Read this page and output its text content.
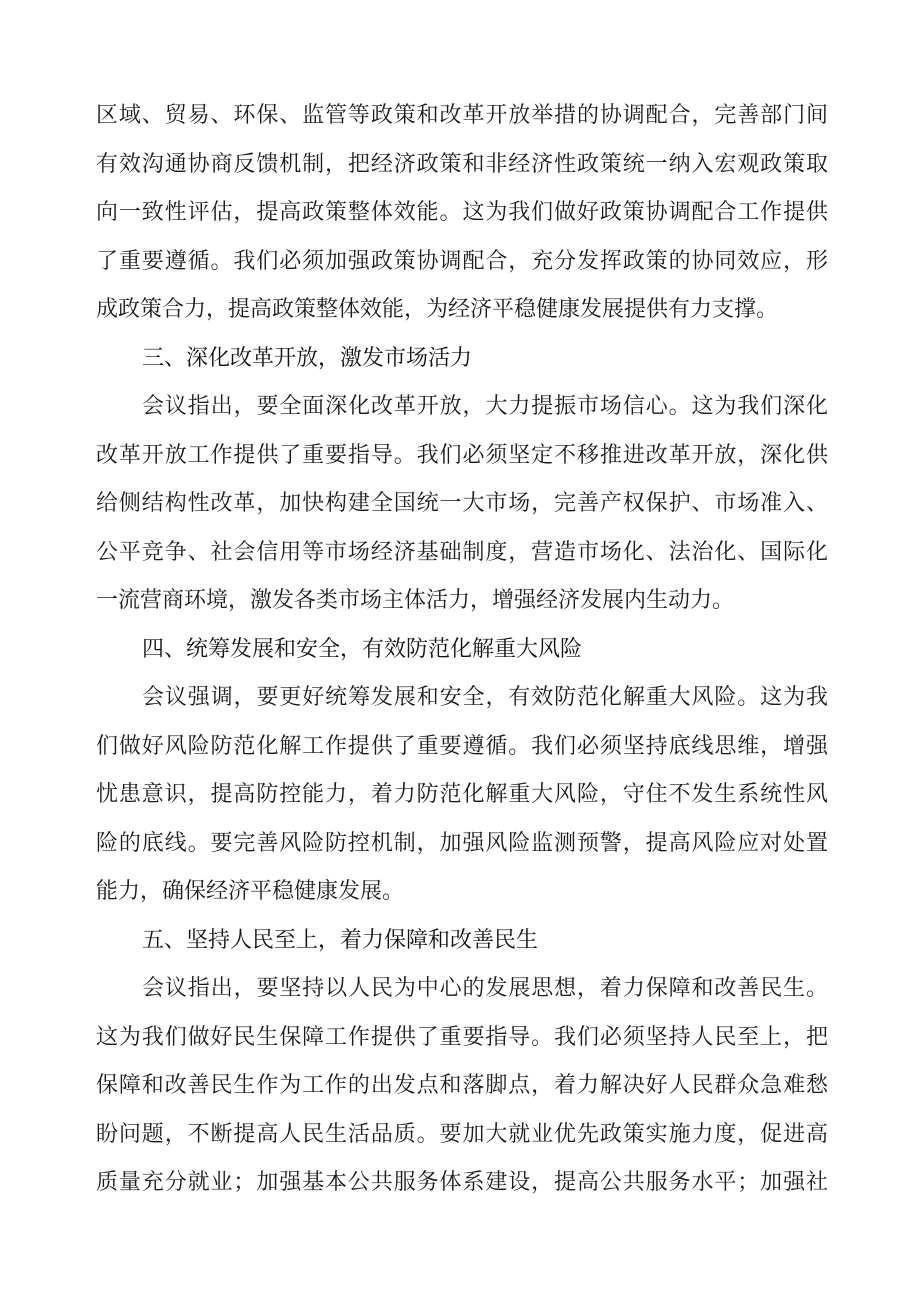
区域、贸易、环保、监管等政策和改革开放举措的协调配合，完善部门间
有效沟通协商反馈机制，把经济政策和非经济性政策统一纳入宏观政策取
向一致性评估，提高政策整体效能。这为我们做好政策协调配合工作提供
了重要遵循。我们必须加强政策协调配合，充分发挥政策的协同效应，形
成政策合力，提高政策整体效能，为经济平稳健康发展提供有力支撑。
三、深化改革开放，激发市场活力
会议指出，要全面深化改革开放，大力提振市场信心。这为我们深化
改革开放工作提供了重要指导。我们必须坚定不移推进改革开放，深化供
给侧结构性改革，加快构建全国统一大市场，完善产权保护、市场准入、
公平竞争、社会信用等市场经济基础制度，营造市场化、法治化、国际化
一流营商环境，激发各类市场主体活力，增强经济发展内生动力。
四、统筹发展和安全，有效防范化解重大风险
会议强调，要更好统筹发展和安全，有效防范化解重大风险。这为我
们做好风险防范化解工作提供了重要遵循。我们必须坚持底线思维，增强
忧患意识，提高防控能力，着力防范化解重大风险，守住不发生系统性风
险的底线。要完善风险防控机制，加强风险监测预警，提高风险应对处置
能力，确保经济平稳健康发展。
五、坚持人民至上，着力保障和改善民生
会议指出，要坚持以人民为中心的发展思想，着力保障和改善民生。
这为我们做好民生保障工作提供了重要指导。我们必须坚持人民至上，把
保障和改善民生作为工作的出发点和落脚点，着力解决好人民群众急难愁
盼问题，不断提高人民生活品质。要加大就业优先政策实施力度，促进高
质量充分就业；加强基本公共服务体系建设，提高公共服务水平；加强社
